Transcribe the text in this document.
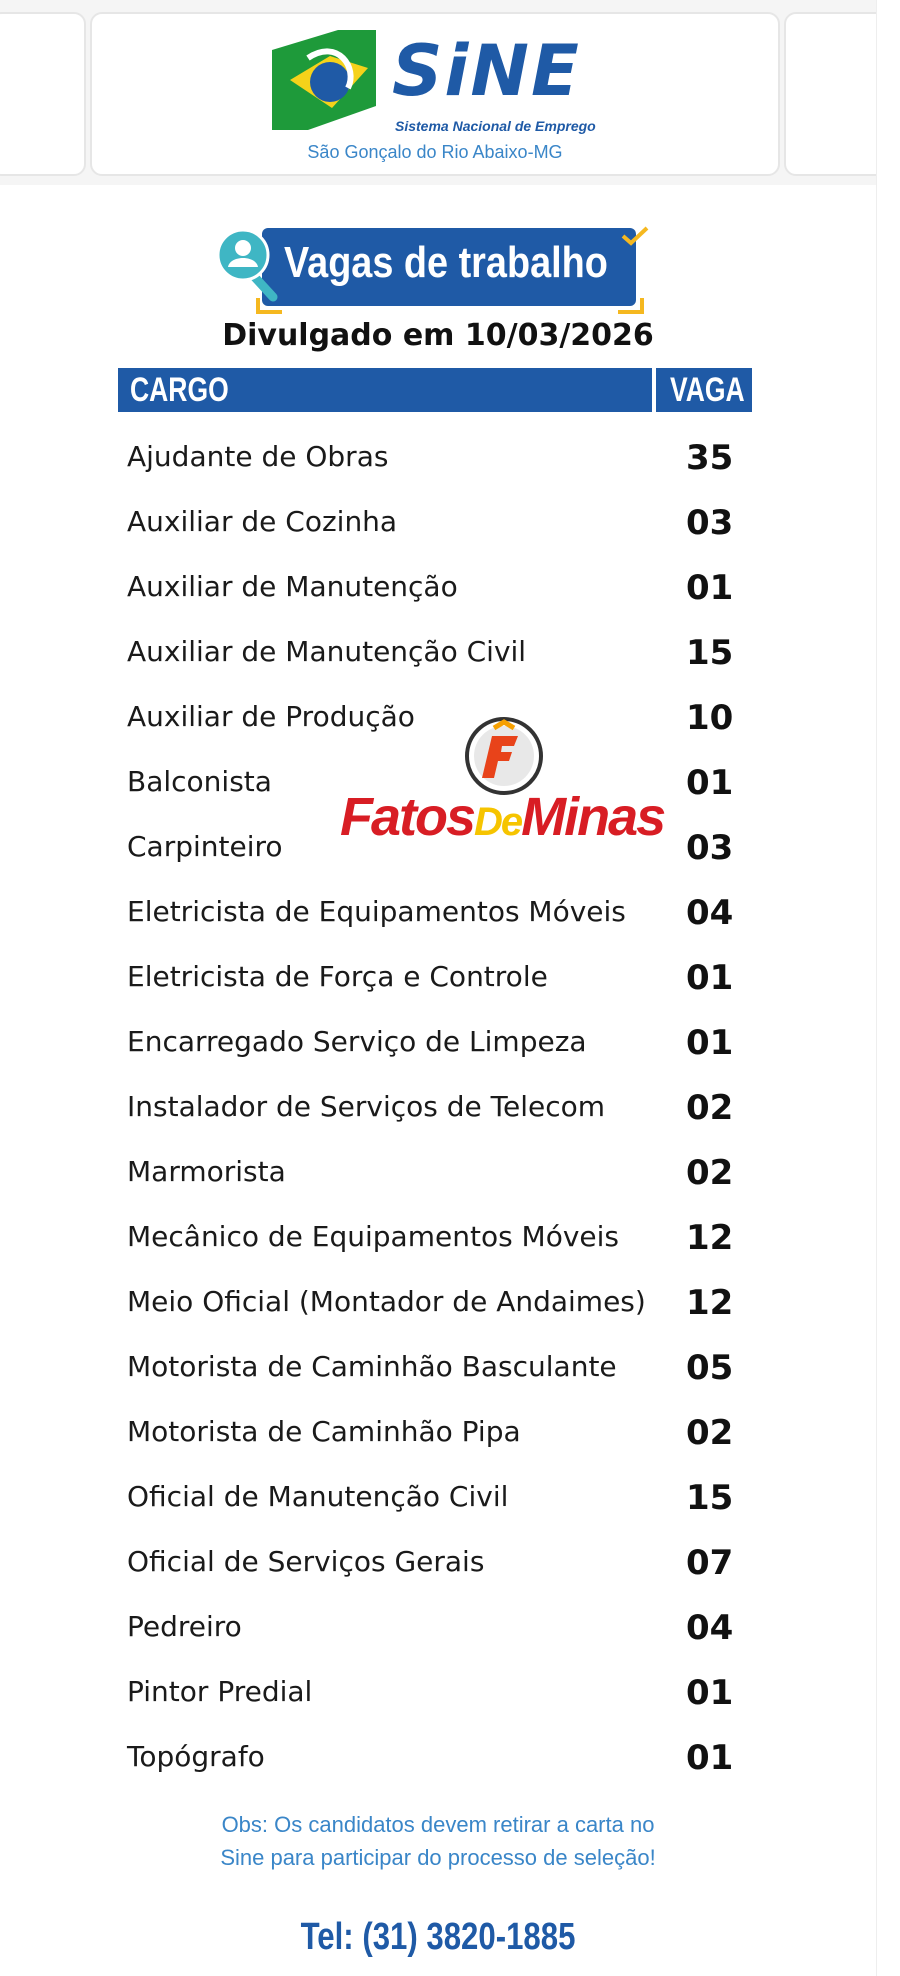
SiNE
Sistema Nacional de Emprego
São Gonçalo do Rio Abaixo-MG
Vagas de trabalho
Divulgado em 10/03/2026
CARGO	VAGA
Ajudante de Obras	35
Auxiliar de Cozinha	03
Auxiliar de Manutenção	01
Auxiliar de Manutenção Civil	15
Auxiliar de Produção	10
Balconista	01
Carpinteiro	03
Eletricista de Equipamentos Móveis 04
Eletricista de Força e Controle	01
Encarregado Serviço de Limpeza	01
Instalador de Serviços de Telecom 02
Marmorista	02
Mecânico de Equipamentos Móveis 12
Meio Oficial (Montador de Andaimes) 12
Motorista de Caminhão Basculante 05
Motorista de Caminhão Pipa	02
Oficial de Manutenção Civil	15
Oficial de Serviços Gerais	07
Pedreiro	04
Pintor Predial	01
Topógrafo	01
FatosDeMinas
Obs: Os candidatos devem retirar a carta no
Sine para participar do processo de seleção!
Tel: (31) 3820-1885
